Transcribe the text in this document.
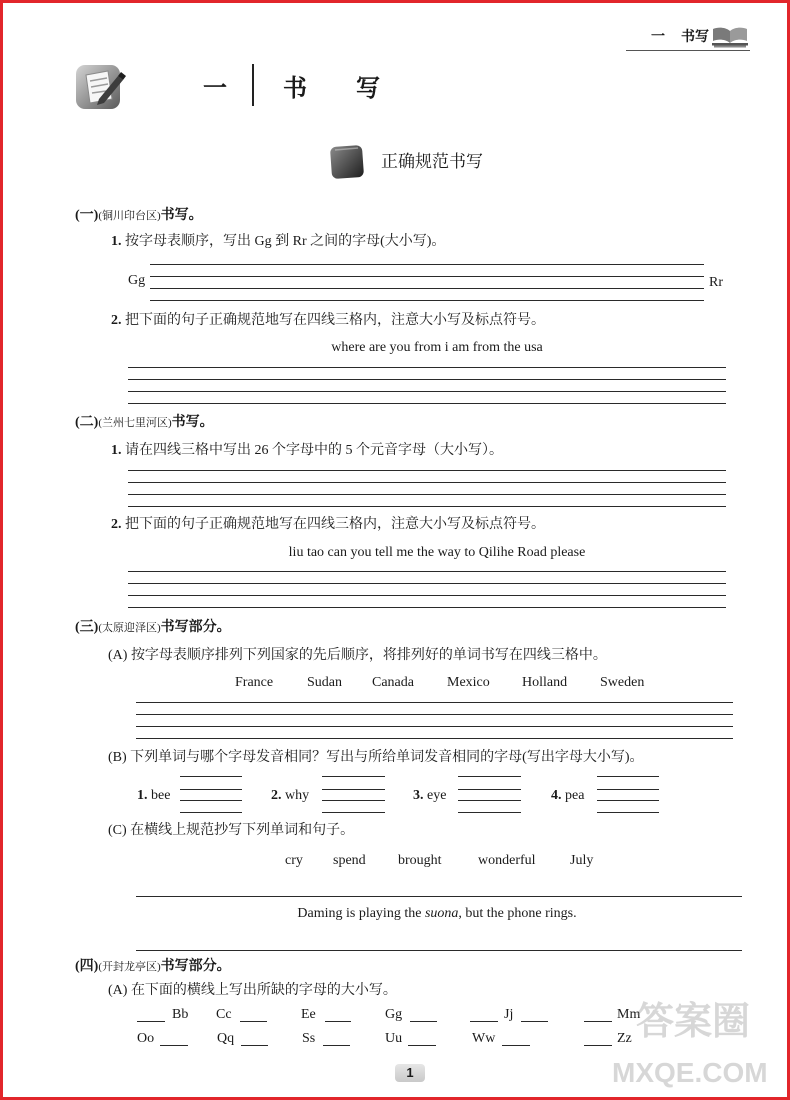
一 书写
一 书写
正确规范书写
(一)(铜川印台区)书写。
1. 按字母表顺序，写出 Gg 到 Rr 之间的字母(大小写)。
Gg	Rr
2. 把下面的句子正确规范地写在四线三格内，注意大小写及标点符号。
where are you from i am from the usa
(二)(兰州七里河区)书写。
1. 请在四线三格中写出 26 个字母中的 5 个元音字母（大小写）。
2. 把下面的句子正确规范地写在四线三格内，注意大小写及标点符号。
liu tao can you tell me the way to Qilihe Road please
(三)(太原迎泽区)书写部分。
(A) 按字母表顺序排列下列国家的先后顺序，将排列好的单词书写在四线三格中。
France Sudan Canada Mexico Holland Sweden
(B) 下列单词与哪个字母发音相同？写出与所给单词发音相同的字母(写出字母大小写)。
1. bee	2. why	3. eye	4. pea
(C) 在横线上规范抄写下列单词和句子。
cry spend brought	wonderful July
Daming is playing the suona, but the phone rings.
(四)(开封龙亭区)书写部分。
(A) 在下面的横线上写出所缺的字母的大小写。
Bb Cc	Ee	Gg	Jj	Mm
Oo	Qq	Ss	Uu	Ww	Zz
1
答案圈
MXQE.COM
